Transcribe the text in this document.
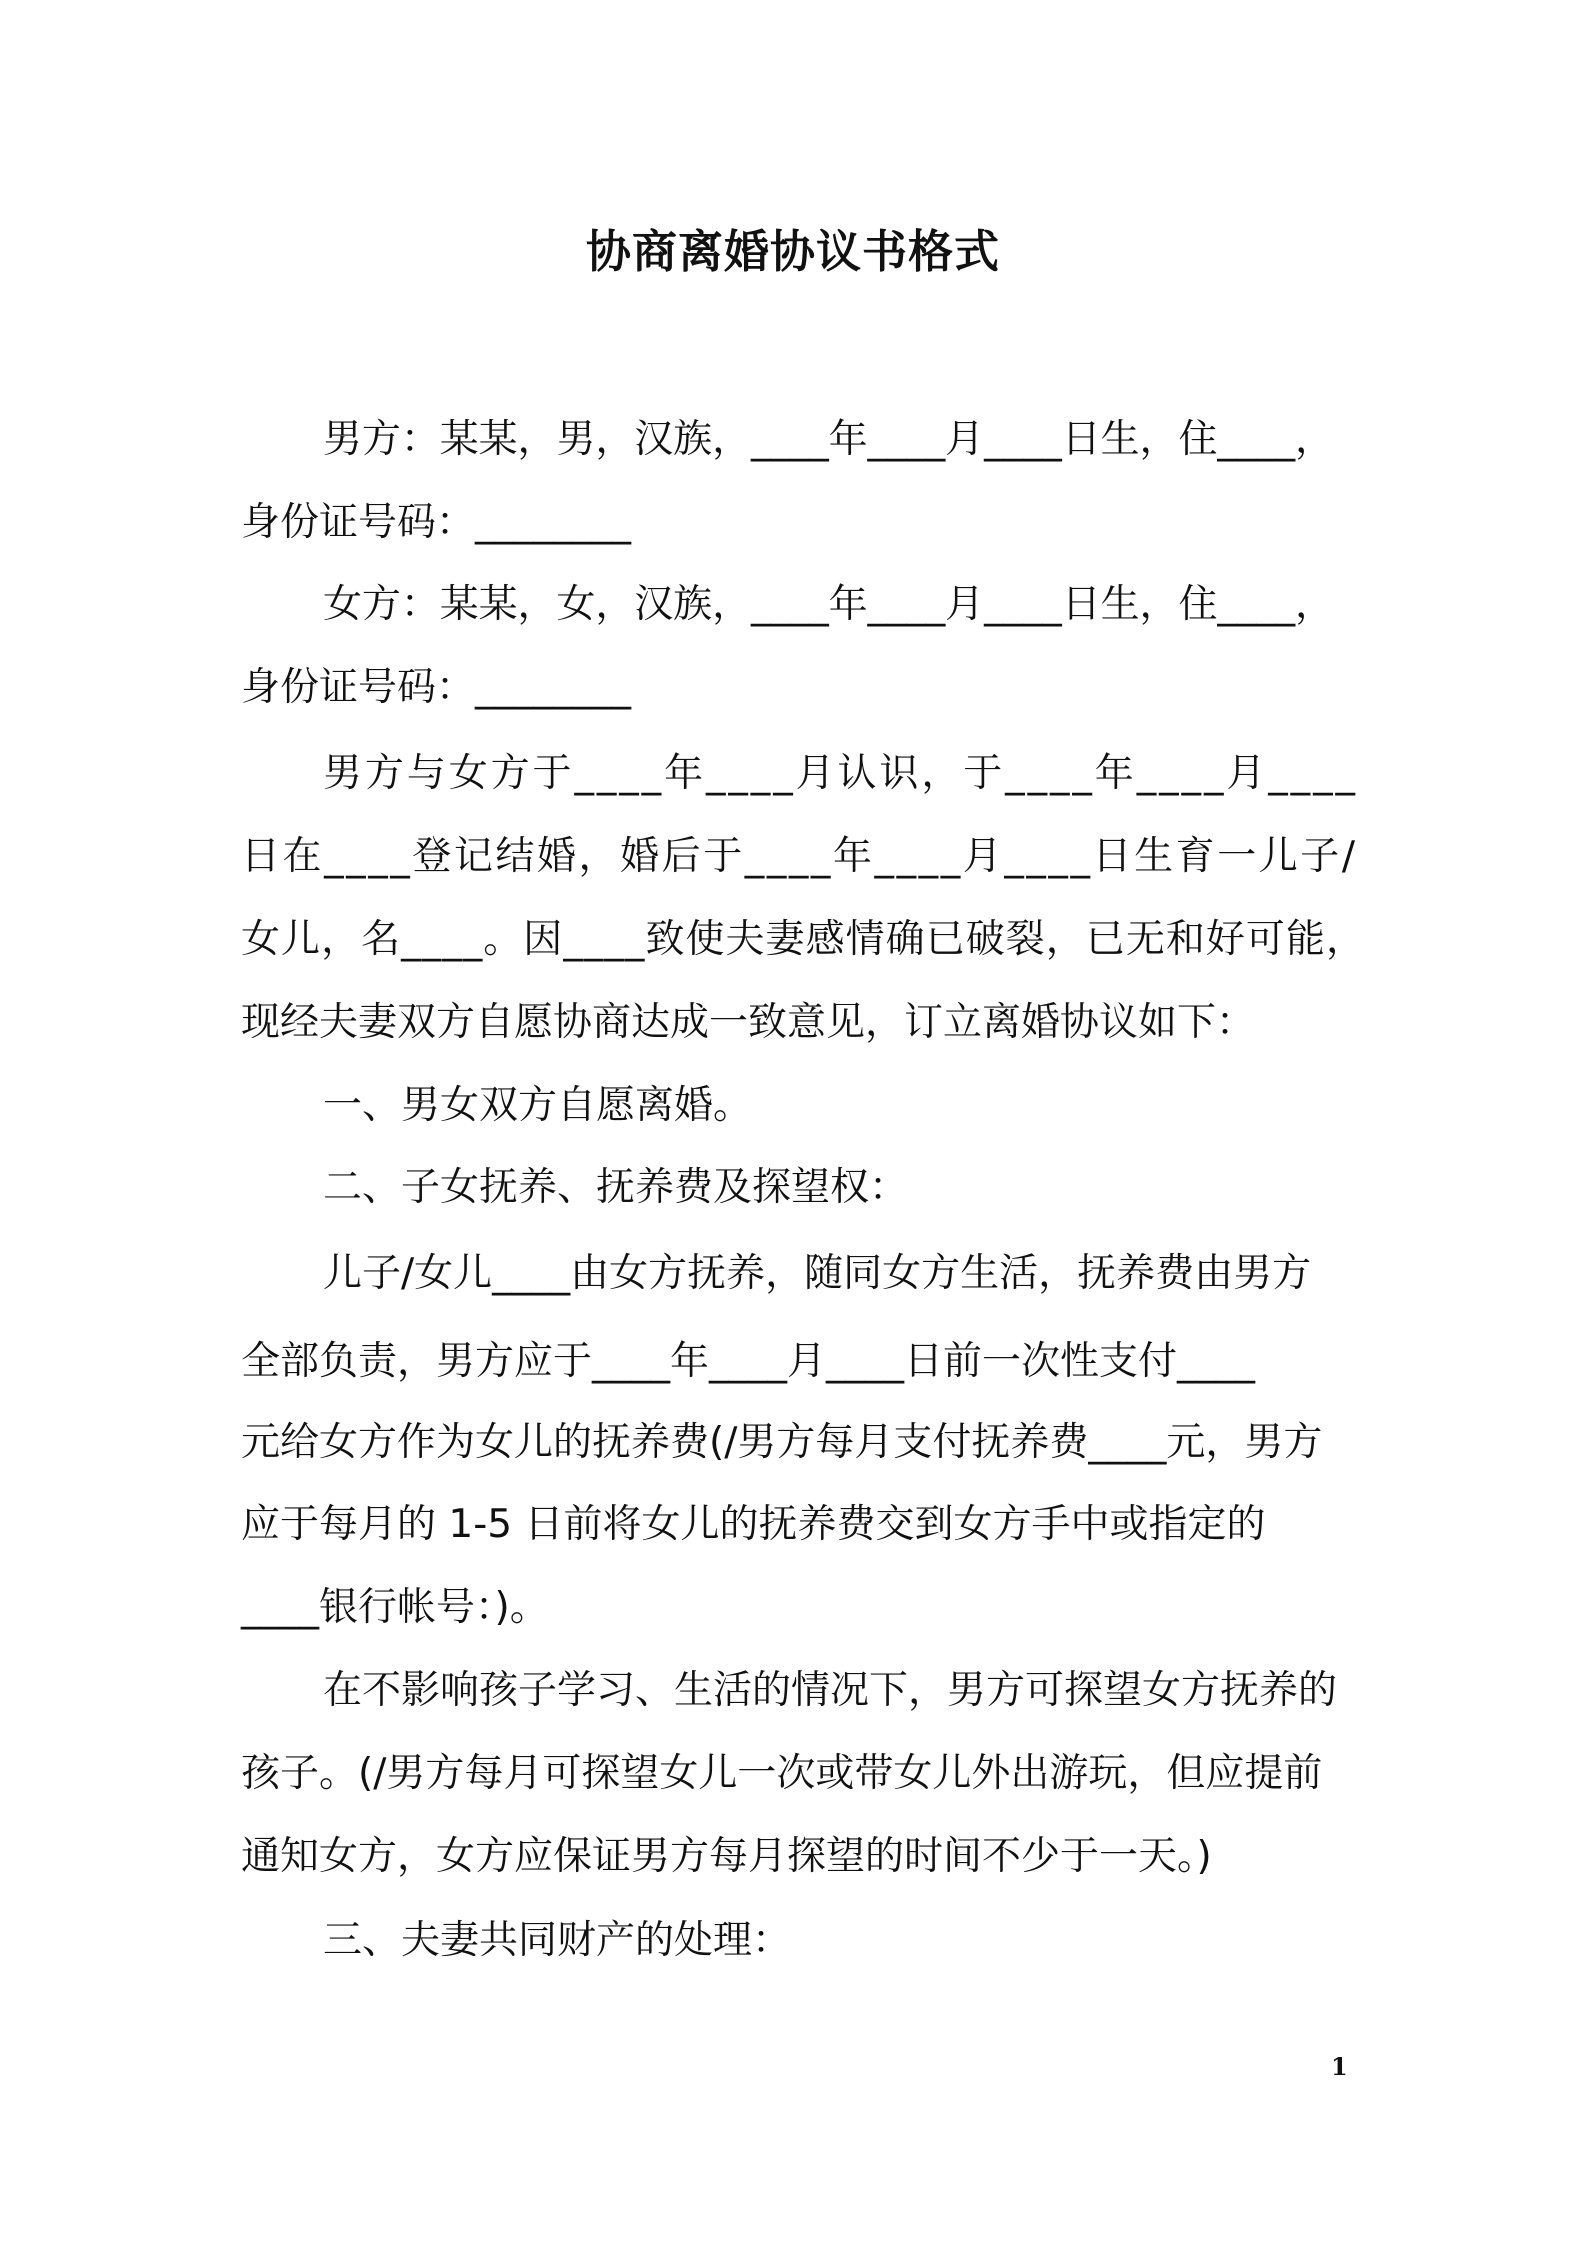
协商离婚协议书格式
男方：某某，男，汉族，____年____月____日生，住____，
身份证号码：________
女方：某某，女，汉族，____年____月____日生，住____，
身份证号码：________
男方与女方于____年____月认识，于____年____月____
日在____登记结婚，婚后于____年____月____日生育一儿子/
女儿，名____。因____致使夫妻感情确已破裂，已无和好可能，
现经夫妻双方自愿协商达成一致意见，订立离婚协议如下：
一、男女双方自愿离婚。
二、子女抚养、抚养费及探望权：
儿子/女儿____由女方抚养，随同女方生活，抚养费由男方
全部负责，男方应于____年____月____日前一次性支付____
元给女方作为女儿的抚养费(/男方每月支付抚养费____元，男方
应于每月的 1-5 日前将女儿的抚养费交到女方手中或指定的
____银行帐号：)。
在不影响孩子学习、生活的情况下，男方可探望女方抚养的
孩子。(/男方每月可探望女儿一次或带女儿外出游玩，但应提前
通知女方，女方应保证男方每月探望的时间不少于一天。)
三、夫妻共同财产的处理：
1
